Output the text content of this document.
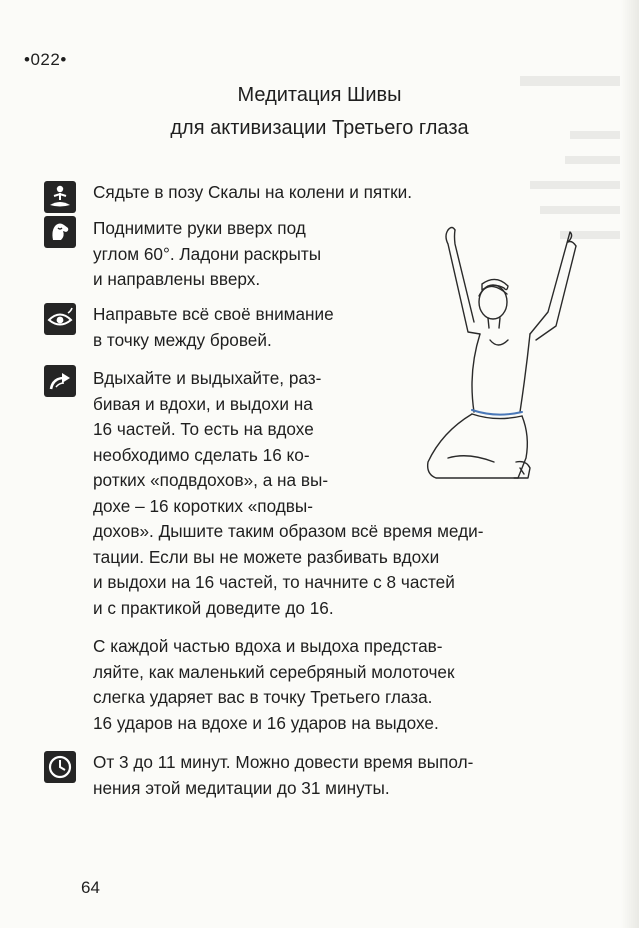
•022•
Медитация Шивы
для активизации Третьего глаза
Сядьте в позу Скалы на колени и пятки.
Поднимите руки вверх под
углом 60°. Ладони раскрыты
и направлены вверх.
Направьте всё своё внимание
в точку между бровей.
Вдыхайте и выдыхайте, раз-
бивая и вдохи, и выдохи на
16 частей. То есть на вдохе
необходимо сделать 16 ко-
ротких «подвдохов», а на вы-
дохе – 16 коротких «подвы-
дохов». Дышите таким образом всё время меди-
тации. Если вы не можете разбивать вдохи
и выдохи на 16 частей, то начните с 8 частей
и с практикой доведите до 16.
С каждой частью вдоха и выдоха представ-
ляйте, как маленький серебряный молоточек
слегка ударяет вас в точку Третьего глаза.
16 ударов на вдохе и 16 ударов на выдохе.
От 3 до 11 минут. Можно довести время выпол-
нения этой медитации до 31 минуты.
64
